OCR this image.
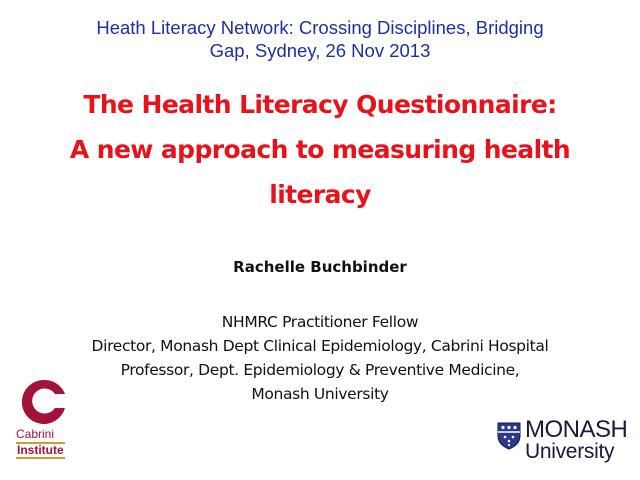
Heath Literacy Network: Crossing Disciplines, Bridging
Gap, Sydney, 26 Nov 2013
The Health Literacy Questionnaire:
A new approach to measuring health
literacy
Rachelle Buchbinder
NHMRC Practitioner Fellow
Director, Monash Dept Clinical Epidemiology, Cabrini Hospital
Professor, Dept. Epidemiology & Preventive Medicine,
Monash University
Cabrini
Institute
MONASH
University
